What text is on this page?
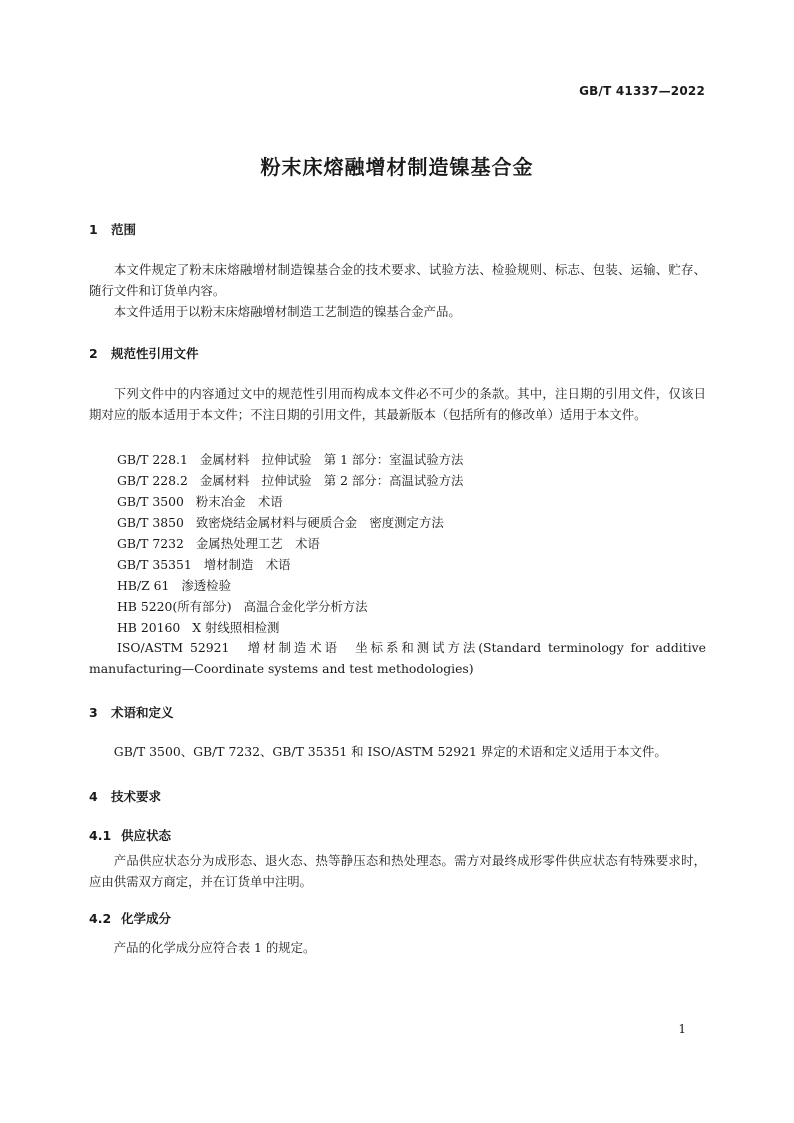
GB/T 41337—2022
粉末床熔融增材制造镍基合金
1 范围

本文件规定了粉末床熔融增材制造镍基合金的技术要求、试验方法、检验规则、标志、包装、运输、贮存、随行文件和订货单内容。

本文件适用于以粉末床熔融增材制造工艺制造的镍基合金产品。

2 规范性引用文件

下列文件中的内容通过文中的规范性引用而构成本文件必不可少的条款。其中，注日期的引用文件，仅该日期对应的版本适用于本文件；不注日期的引用文件，其最新版本（包括所有的修改单）适用于本文件。

GB/T 228.1 金属材料　拉伸试验　第 1 部分：室温试验方法
GB/T 228.2 金属材料　拉伸试验　第 2 部分：高温试验方法
GB/T 3500 粉末冶金　术语
GB/T 3850 致密烧结金属材料与硬质合金　密度测定方法
GB/T 7232 金属热处理工艺　术语
GB/T 35351 增材制造　术语
HB/Z 61 渗透检验
HB 5220(所有部分) 高温合金化学分析方法
HB 20160 X 射线照相检测

ISO/ASTM 52921　增材制造术语　坐标系和测试方法(Standard terminology for additive manufacturing—Coordinate systems and test methodologies)

3 术语和定义

GB/T 3500、GB/T 7232、GB/T 35351 和 ISO/ASTM 52921 界定的术语和定义适用于本文件。

4 技术要求
4.1 供应状态

产品供应状态分为成形态、退火态、热等静压态和热处理态。需方对最终成形零件供应状态有特殊要求时，应由供需双方商定，并在订货单中注明。

4.2 化学成分

产品的化学成分应符合表 1 的规定。

1
